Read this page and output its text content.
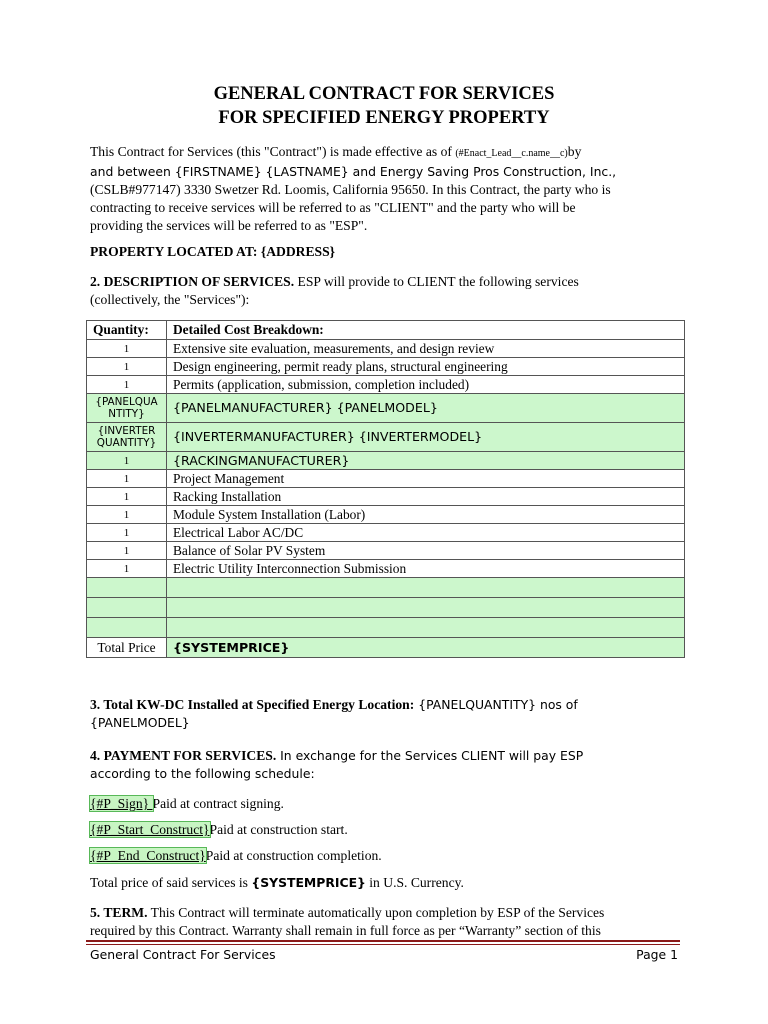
GENERAL CONTRACT FOR SERVICES
FOR SPECIFIED ENERGY PROPERTY
This Contract for Services (this "Contract") is made effective as of (#Enact_Lead__c.name__c)by
and between {FIRSTNAME} {LASTNAME} and Energy Saving Pros Construction, Inc.,
(CSLB#977147) 3330 Swetzer Rd. Loomis, California 95650. In this Contract, the party who is
contracting to receive services will be referred to as "CLIENT" and the party who will be
providing the services will be referred to as "ESP".
PROPERTY LOCATED AT: {ADDRESS}
2. DESCRIPTION OF SERVICES. ESP will provide to CLIENT the following services
(collectively, the "Services"):
Quantity:	Detailed Cost Breakdown:
1	Extensive site evaluation, measurements, and design review
1	Design engineering, permit ready plans, structural engineering
1	Permits (application, submission, completion included)
{PANELQUA
NTITY}	{PANELMANUFACTURER} {PANELMODEL}
{INVERTER
QUANTITY}	{INVERTERMANUFACTURER} {INVERTERMODEL}
1	{RACKINGMANUFACTURER}
1	Project Management
1	Racking Installation
1	Module System Installation (Labor)
1	Electrical Labor AC/DC
1	Balance of Solar PV System
1	Electric Utility Interconnection Submission

Total Price	{SYSTEMPRICE}
3. Total KW-DC Installed at Specified Energy Location: {PANELQUANTITY} nos of
{PANELMODEL}
4. PAYMENT FOR SERVICES. In exchange for the Services CLIENT will pay ESP
according to the following schedule:
{#P_Sign} Paid at contract signing.
{#P_Start_Construct}Paid at construction start.
{#P_End_Construct}Paid at construction completion.
Total price of said services is {SYSTEMPRICE} in U.S. Currency.
5. TERM. This Contract will terminate automatically upon completion by ESP of the Services
required by this Contract. Warranty shall remain in full force as per “Warranty” section of this
General Contract For Services	Page 1
